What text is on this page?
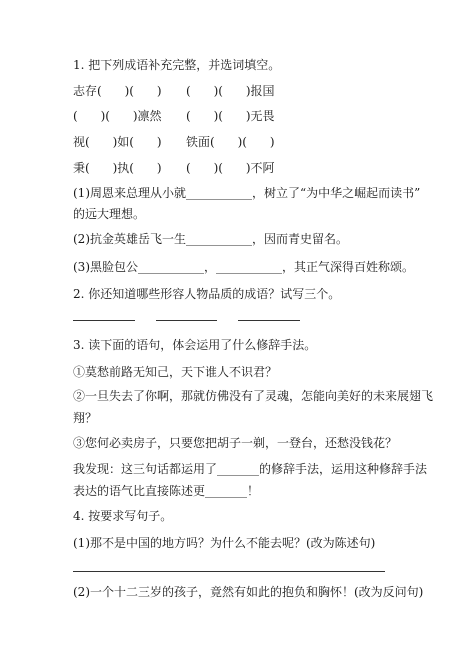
1. 把下列成语补充完整，并选词填空。
志存(      )(      ) (      )(      )报国
(      )(      )凛然 (      )(      )无畏
视(      )如(      ) 铁面(      )(      )
秉(      )执(      ) (      )(      )不阿
(1)周恩来总理从小就___________，树立了“为中华之崛起而读书”
的远大理想。
(2)抗金英雄岳飞一生___________，因而青史留名。
(3)黑脸包公___________，___________，其正气深得百姓称颂。
2. 你还知道哪些形容人物品质的成语？试写三个。
3. 读下面的语句，体会运用了什么修辞手法。
①莫愁前路无知己，天下谁人不识君？
②一旦失去了你啊，那就仿佛没有了灵魂，怎能向美好的未来展翅飞
翔？
③您何必卖房子，只要您把胡子一剃，一登台，还愁没钱花？
我发现：这三句话都运用了_______的修辞手法，运用这种修辞手法
表达的语气比直接陈述更_______！
4. 按要求写句子。
(1)那不是中国的地方吗？为什么不能去呢？(改为陈述句)
(2)一个十二三岁的孩子，竟然有如此的抱负和胸怀！(改为反问句)
